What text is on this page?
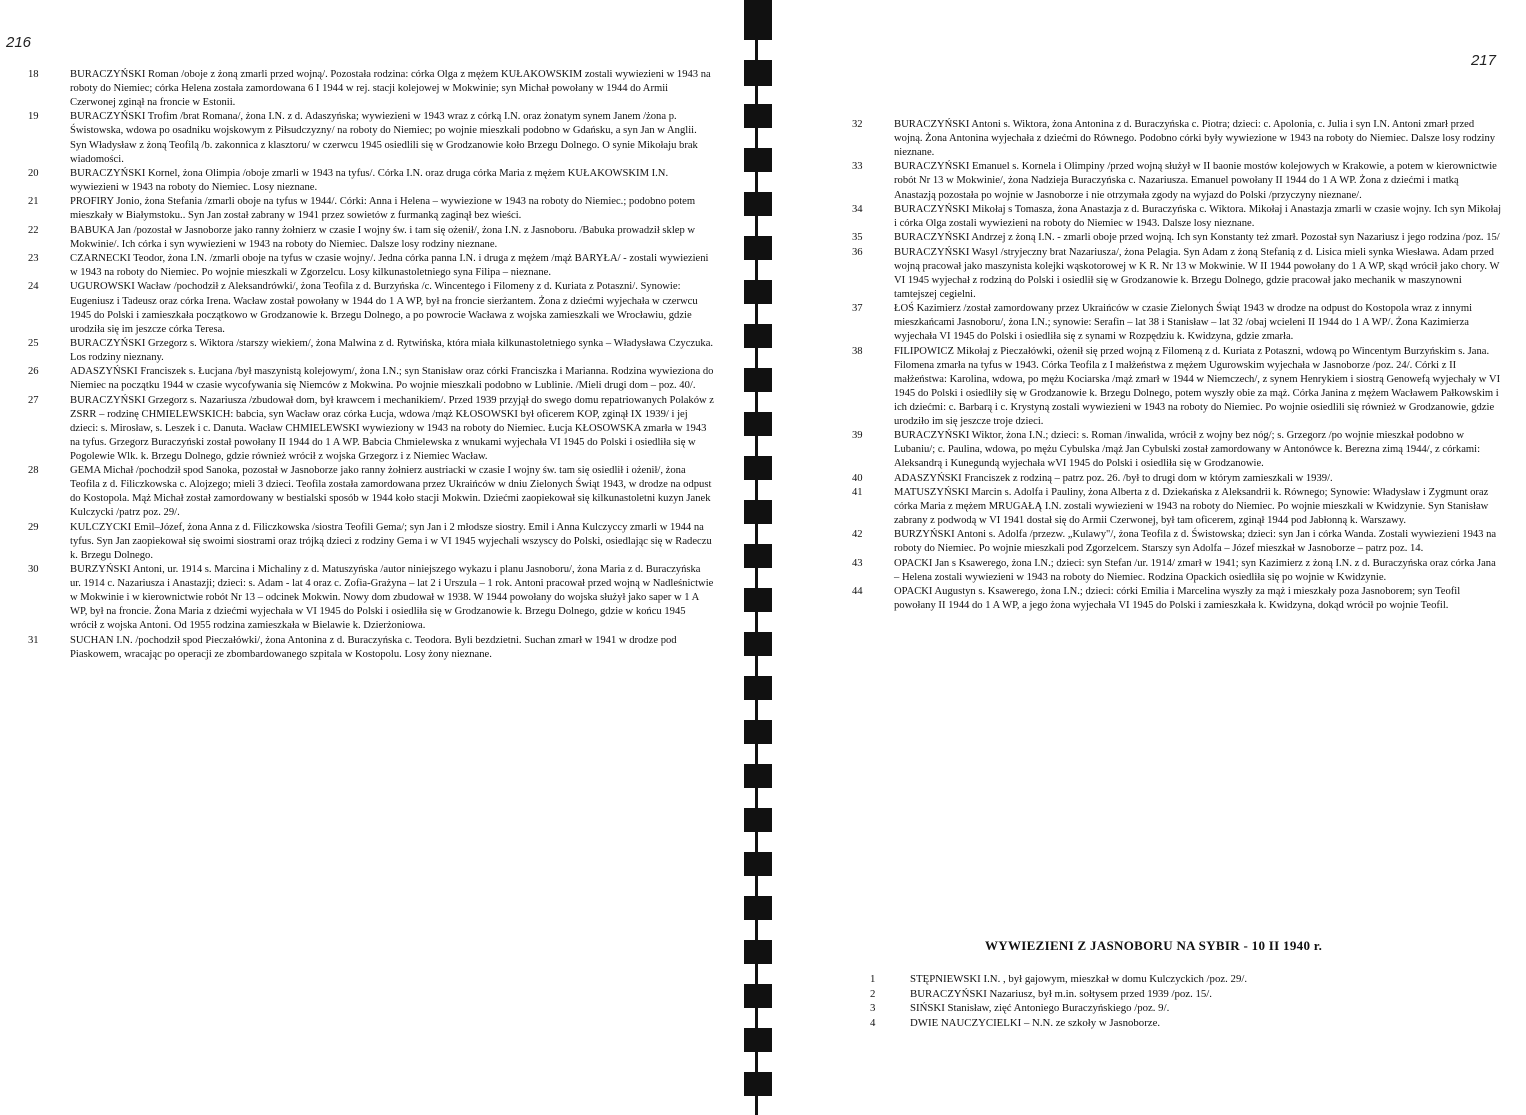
216
18	BURACZYŃSKI Roman /oboje z żoną zmarli przed wojną/. Pozostała rodzina: córka Olga z mężem KUŁAKOWSKIM zostali wywiezieni w 1943 na roboty do Niemiec; córka Helena została zamordowana 6 I 1944 w rej. stacji kolejowej w Mokwinie; syn Michał powołany w 1944 do Armii Czerwonej zginął na froncie w Estonii.
19	BURACZYŃSKI Trofim /brat Romana/, żona I.N. z d. Adaszyńska; wywiezieni w 1943 wraz z córką I.N. oraz żonatym synem Janem /żona p. Świstowska, wdowa po osadniku wojskowym z Piłsudczyzny/ na roboty do Niemiec; po wojnie mieszkali podobno w Gdańsku, a syn Jan w Anglii. Syn Władysław z żoną Teofilą /b. zakonnica z klasztoru/ w czerwcu 1945 osiedlili się w Grodzanowie koło Brzegu Dolnego. O synie Mikołaju brak wiadomości.
20	BURACZYŃSKI Kornel, żona Olimpia /oboje zmarli w 1943 na tyfus/. Córka I.N. oraz druga córka Maria z mężem KUŁAKOWSKIM I.N. wywiezieni w 1943 na roboty do Niemiec. Losy nieznane.
21	PROFIRY Jonio, żona Stefania /zmarli oboje na tyfus w 1944/. Córki: Anna i Helena – wywiezione w 1943 na roboty do Niemiec.; podobno potem mieszkały w Białymstoku.. Syn Jan został zabrany w 1941 przez sowietów z furmanką zaginął bez wieści.
22	BABUKA Jan /pozostał w Jasnoborze jako ranny żołnierz w czasie I wojny św. i tam się ożenił/, żona I.N. z Jasnoboru. /Babuka prowadził sklep w Mokwinie/. Ich córka i syn wywiezieni w 1943 na roboty do Niemiec. Dalsze losy rodziny nieznane.
23	CZARNECKI Teodor, żona I.N. /zmarli oboje na tyfus w czasie wojny/. Jedna córka panna I.N. i druga z mężem /mąż BARYŁA/ - zostali wywiezieni w 1943 na roboty do Niemiec. Po wojnie mieszkali w Zgorzelcu. Losy kilkunastoletniego syna Filipa – nieznane.
24	UGUROWSKI Wacław /pochodził z Aleksandrówki/, żona Teofila z d. Burzyńska /c. Wincentego i Filomeny z d. Kuriata z Potaszni/. Synowie: Eugeniusz i Tadeusz oraz córka Irena. Wacław został powołany w 1944 do 1 A WP, był na froncie sierżantem. Żona z dziećmi wyjechała w czerwcu 1945 do Polski i zamieszkała początkowo w Grodzanowie k. Brzegu Dolnego, a po powrocie Wacława z wojska zamieszkali we Wrocławiu, gdzie urodziła się im jeszcze córka Teresa.
25	BURACZYŃSKI Grzegorz s. Wiktora /starszy wiekiem/, żona Malwina z d. Rytwińska, która miała kilkunastoletniego synka – Władysława Czyczuka. Los rodziny nieznany.
26	ADASZYŃSKI Franciszek s. Łucjana /był maszynistą kolejowym/, żona I.N.; syn Stanisław oraz córki Franciszka i Marianna. Rodzina wywieziona do Niemiec na początku 1944 w czasie wycofywania się Niemców z Mokwina. Po wojnie mieszkali podobno w Lublinie. /Mieli drugi dom – poz. 40/.
27	BURACZYŃSKI Grzegorz s. Nazariusza /zbudował dom, był krawcem i mechanikiem/. Przed 1939 przyjął do swego domu repatriowanych Polaków z ZSRR – rodzinę CHMIELEWSKICH: babcia, syn Wacław oraz córka Łucja, wdowa /mąż KŁOSOWSKI był oficerem KOP, zginął IX 1939/ i jej dzieci: s. Mirosław, s. Leszek i c. Danuta. Wacław CHMIELEWSKI wywieziony w 1943 na roboty do Niemiec. Łucja KŁOSOWSKA zmarła w 1943 na tyfus. Grzegorz Buraczyński został powołany II 1944 do 1 A WP. Babcia Chmielewska z wnukami wyjechała VI 1945 do Polski i osiedliła się w Pogolewie Wlk. k. Brzegu Dolnego, gdzie również wrócił z wojska Grzegorz i z Niemiec Wacław.
28	GEMA Michał /pochodził spod Sanoka, pozostał w Jasnoborze jako ranny żołnierz austriacki w czasie I wojny św. tam się osiedlił i ożenił/, żona Teofila z d. Filiczkowska c. Alojzego; mieli 3 dzieci. Teofila została zamordowana przez Ukraińców w dniu Zielonych Świąt 1943, w drodze na odpust do Kostopola. Mąż Michał został zamordowany w bestialski sposób w 1944 koło stacji Mokwin. Dziećmi zaopiekował się kilkunastoletni kuzyn Janek Kulczycki /patrz poz. 29/.
29	KULCZYCKI Emil–Józef, żona Anna z d. Filiczkowska /siostra Teofili Gema/; syn Jan i 2 młodsze siostry. Emil i Anna Kulczyccy zmarli w 1944 na tyfus. Syn Jan zaopiekował się swoimi siostrami oraz trójką dzieci z rodziny Gema i w VI 1945 wyjechali wszyscy do Polski, osiedlając się w Radeczu k. Brzegu Dolnego.
30	BURZYŃSKI Antoni, ur. 1914 s. Marcina i Michaliny z d. Matuszyńska /autor niniejszego wykazu i planu Jasnoboru/, żona Maria z d. Buraczyńska ur. 1914 c. Nazariusza i Anastazji; dzieci: s. Adam - lat 4 oraz c. Zofia-Grażyna – lat 2 i Urszula – 1 rok. Antoni pracował przed wojną w Nadleśnictwie w Mokwinie i w kierownictwie robót Nr 13 – odcinek Mokwin. Nowy dom zbudował w 1938. W 1944 powołany do wojska służył jako saper w 1 A WP, był na froncie. Żona Maria z dziećmi wyjechała w VI 1945 do Polski i osiedliła się w Grodzanowie k. Brzegu Dolnego, gdzie w końcu 1945 wrócił z wojska Antoni. Od 1955 rodzina zamieszkała w Bielawie k. Dzierżoniowa.
31	SUCHAN I.N. /pochodził spod Pieczałówki/, żona Antonina z d. Buraczyńska c. Teodora. Byli bezdzietni. Suchan zmarł w 1941 w drodze pod Piaskowem, wracając po operacji ze zbombardowanego szpitala w Kostopolu. Losy żony nieznane.
217
32	BURACZYŃSKI Antoni s. Wiktora, żona Antonina z d. Buraczyńska c. Piotra; dzieci: c. Apolonia, c. Julia i syn I.N. Antoni zmarł przed wojną. Żona Antonina wyjechała z dziećmi do Równego. Podobno córki były wywiezione w 1943 na roboty do Niemiec. Dalsze losy rodziny nieznane.
33	BURACZYŃSKI Emanuel s. Kornela i Olimpiny /przed wojną służył w II baonie mostów kolejowych w Krakowie, a potem w kierownictwie robót Nr 13 w Mokwinie/, żona Nadzieja Buraczyńska c. Nazariusza. Emanuel powołany II 1944 do 1 A WP. Żona z dziećmi i matką Anastazją pozostała po wojnie w Jasnoborze i nie otrzymała zgody na wyjazd do Polski /przyczyny nieznane/.
34	BURACZYŃSKI Mikołaj s Tomasza, żona Anastazja z d. Buraczyńska c. Wiktora. Mikołaj i Anastazja zmarli w czasie wojny. Ich syn Mikołaj i córka Olga zostali wywiezieni na roboty do Niemiec w 1943. Dalsze losy nieznane.
35	BURACZYŃSKI Andrzej z żoną I.N. - zmarli oboje przed wojną. Ich syn Konstanty też zmarł. Pozostał syn Nazariusz i jego rodzina /poz. 15/
36	BURACZYŃSKI Wasyl /stryjeczny brat Nazariusza/, żona Pelagia. Syn Adam z żoną Stefanią z d. Lisica mieli synka Wiesława. Adam przed wojną pracował jako maszynista kolejki wąskotorowej w K R. Nr 13 w Mokwinie. W II 1944 powołany do 1 A WP, skąd wrócił jako chory. W VI 1945 wyjechał z rodziną do Polski i osiedlił się w Grodzanowie k. Brzegu Dolnego, gdzie pracował jako mechanik w maszynowni tamtejszej cegielni.
37	ŁOŚ Kazimierz /został zamordowany przez Ukraińców w czasie Zielonych Świąt 1943 w drodze na odpust do Kostopola wraz z innymi mieszkańcami Jasnoboru/, żona I.N.; synowie: Serafin – lat 38 i Stanisław – lat 32 /obaj wcieleni II 1944 do 1 A WP/. Żona Kazimierza wyjechała VI 1945 do Polski i osiedliła się z synami w Rozpędziu k. Kwidzyna, gdzie zmarła.
38	FILIPOWICZ Mikołaj z Pieczałówki, ożenił się przed wojną z Filomeną z d. Kuriata z Potaszni, wdową po Wincentym Burzyńskim s. Jana. Filomena zmarła na tyfus w 1943. Córka Teofila z I małżeństwa z mężem Ugurowskim wyjechała w Jasnoborze /poz. 24/. Córki z II małżeństwa: Karolina, wdowa, po mężu Kociarska /mąż zmarł w 1944 w Niemczech/, z synem Henrykiem i siostrą Genowefą wyjechały w VI 1945 do Polski i osiedliły się w Grodzanowie k. Brzegu Dolnego, potem wyszły obie za mąż. Córka Janina z mężem Wacławem Pałkowskim i ich dziećmi: c. Barbarą i c. Krystyną zostali wywiezieni w 1943 na roboty do Niemiec. Po wojnie osiedlili się również w Grodzanowie, gdzie urodziło im się jeszcze troje dzieci.
39	BURACZYŃSKI Wiktor, żona I.N.; dzieci: s. Roman /inwalida, wrócił z wojny bez nóg/; s. Grzegorz /po wojnie mieszkał podobno w Lubaniu/; c. Paulina, wdowa, po mężu Cybulska /mąż Jan Cybulski został zamordowany w Antonówce k. Berezna zimą 1944/, z córkami: Aleksandrą i Kunegundą wyjechała wVI 1945 do Polski i osiedliła się w Grodzanowie.
40	ADASZYŃSKI Franciszek z rodziną – patrz poz. 26. /był to drugi dom w którym zamieszkali w 1939/.
41	MATUSZYŃSKI Marcin s. Adolfa i Pauliny, żona Alberta z d. Dziekańska z Aleksandrii k. Równego; Synowie: Władysław i Zygmunt oraz córka Maria z mężem MRUGAŁĄ I.N. zostali wywiezieni w 1943 na roboty do Niemiec. Po wojnie mieszkali w Kwidzynie. Syn Stanisław zabrany z podwodą w VI 1941 dostał się do Armii Czerwonej, był tam oficerem, zginął 1944 pod Jabłonną k. Warszawy.
42	BURZYŃSKI Antoni s. Adolfa /przezw. „Kulawy"/, żona Teofila z d. Świstowska; dzieci: syn Jan i córka Wanda. Zostali wywiezieni 1943 na roboty do Niemiec. Po wojnie mieszkali pod Zgorzelcem. Starszy syn Adolfa – Józef mieszkał w Jasnoborze – patrz poz. 14.
43	OPACKI Jan s Ksawerego, żona I.N.; dzieci: syn Stefan /ur. 1914/ zmarł w 1941; syn Kazimierz z żoną I.N. z d. Buraczyńska oraz córka Jana – Helena zostali wywiezieni w 1943 na roboty do Niemiec. Rodzina Opackich osiedliła się po wojnie w Kwidzynie.
44	OPACKI Augustyn s. Ksawerego, żona I.N.; dzieci: córki Emilia i Marcelina wyszły za mąż i mieszkały poza Jasnoborem; syn Teofil powołany II 1944 do 1 A WP, a jego żona wyjechała VI 1945 do Polski i zamieszkała k. Kwidzyna, dokąd wrócił po wojnie Teofil.
WYWIEZIENI Z JASNOBORU NA SYBIR - 10 II 1940 r.
1	STĘPNIEWSKI I.N. , był gajowym, mieszkał w domu Kulczyckich /poz. 29/.
2	BURACZYŃSKI Nazariusz, był m.in. sołtysem przed 1939 /poz. 15/.
3	SIŃSKI Stanisław, zięć Antoniego Buraczyńskiego /poz. 9/.
4	DWIE NAUCZYCIELKI – N.N. ze szkoły w Jasnoborze.
